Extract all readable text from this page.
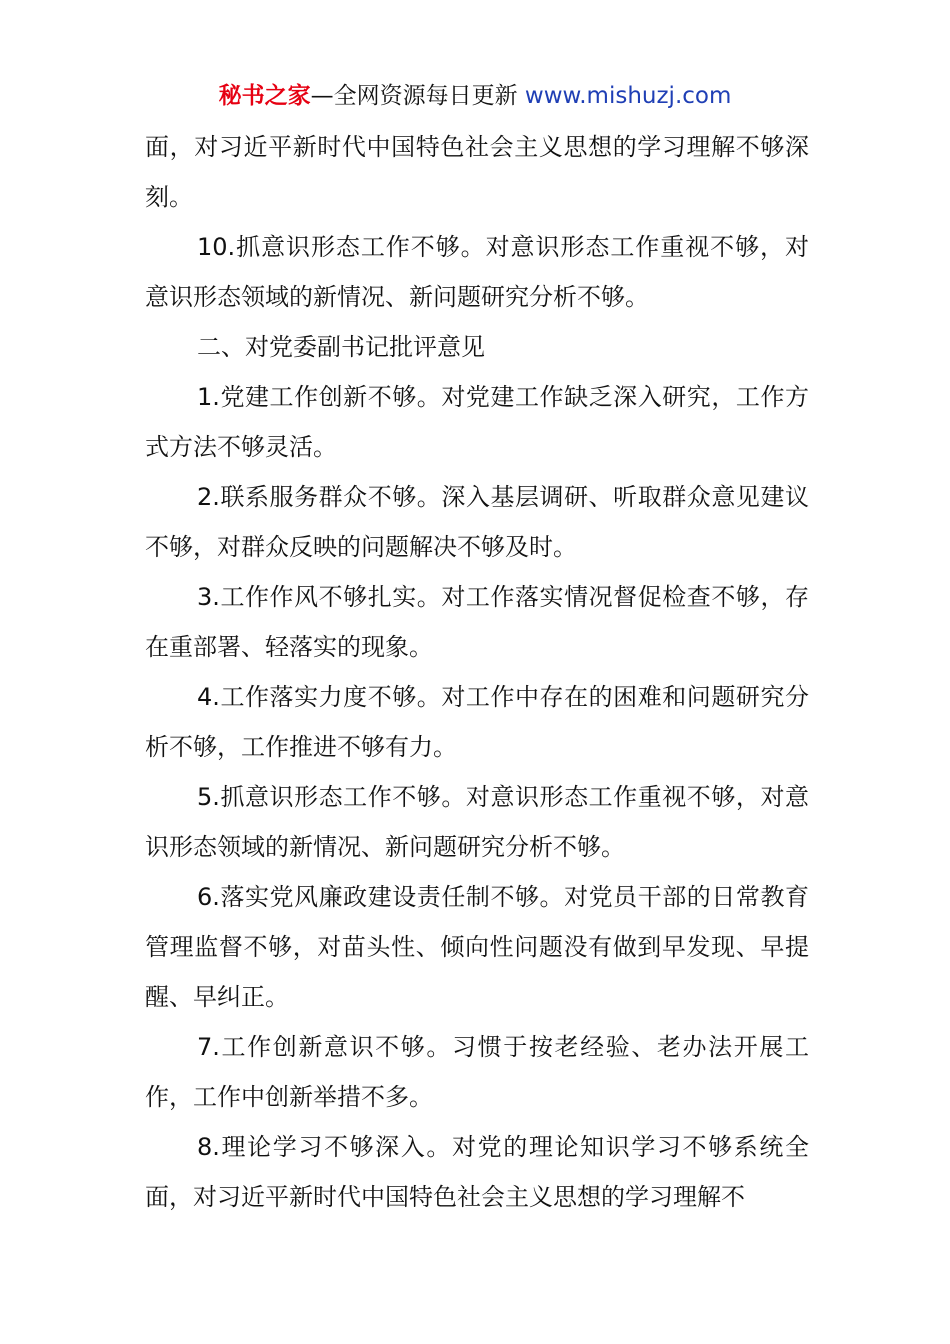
秘书之家—全网资源每日更新 www.mishuzj.com

面，对习近平新时代中国特色社会主义思想的学习理解不够深刻。

10.抓意识形态工作不够。对意识形态工作重视不够，对意识形态领域的新情况、新问题研究分析不够。

二、对党委副书记批评意见

1.党建工作创新不够。对党建工作缺乏深入研究，工作方式方法不够灵活。

2.联系服务群众不够。深入基层调研、听取群众意见建议不够，对群众反映的问题解决不够及时。

3.工作作风不够扎实。对工作落实情况督促检查不够，存在重部署、轻落实的现象。

4.工作落实力度不够。对工作中存在的困难和问题研究分析不够，工作推进不够有力。

5.抓意识形态工作不够。对意识形态工作重视不够，对意识形态领域的新情况、新问题研究分析不够。

6.落实党风廉政建设责任制不够。对党员干部的日常教育管理监督不够，对苗头性、倾向性问题没有做到早发现、早提醒、早纠正。

7.工作创新意识不够。习惯于按老经验、老办法开展工作，工作中创新举措不多。

8.理论学习不够深入。对党的理论知识学习不够系统全面，对习近平新时代中国特色社会主义思想的学习理解不
